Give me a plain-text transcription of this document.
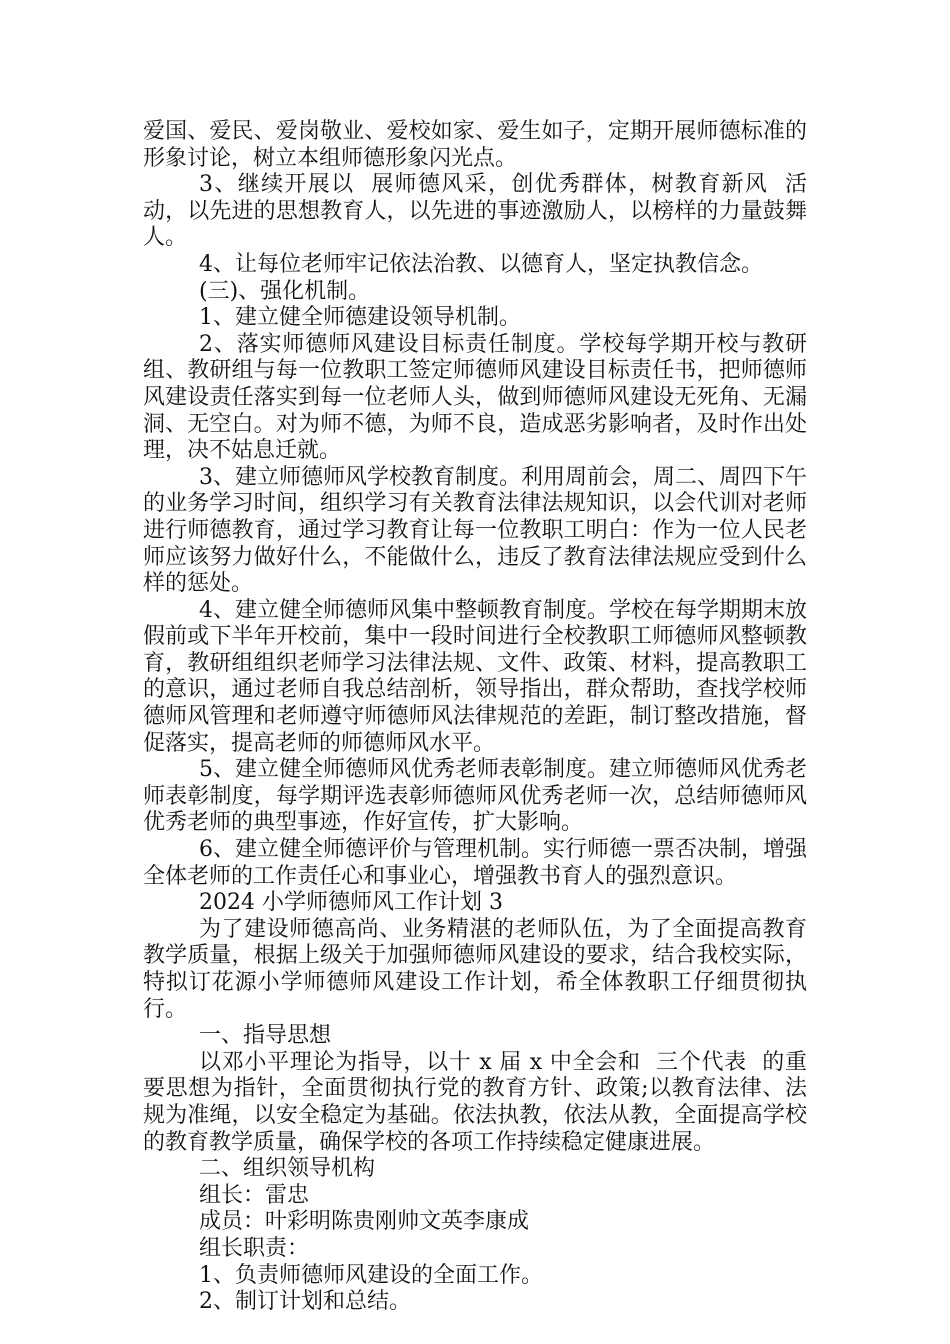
爱国、爱民、爱岗敬业、爱校如家、爱生如子，定期开展师德标准的形象讨论，树立本组师德形象闪光点。

3、继续开展以  展师德风采，创优秀群体，树教育新风  活动，以先进的思想教育人，以先进的事迹激励人，以榜样的力量鼓舞人。

4、让每位老师牢记依法治教、以德育人，坚定执教信念。

(三)、强化机制。

1、建立健全师德建设领导机制。

2、落实师德师风建设目标责任制度。学校每学期开校与教研组、教研组与每一位教职工签定师德师风建设目标责任书，把师德师风建设责任落实到每一位老师人头，做到师德师风建设无死角、无漏洞、无空白。对为师不德，为师不良，造成恶劣影响者，及时作出处理，决不姑息迁就。

3、建立师德师风学校教育制度。利用周前会，周二、周四下午的业务学习时间，组织学习有关教育法律法规知识，以会代训对老师进行师德教育，通过学习教育让每一位教职工明白：作为一位人民老师应该努力做好什么，不能做什么，违反了教育法律法规应受到什么样的惩处。

4、建立健全师德师风集中整顿教育制度。学校在每学期期末放假前或下半年开校前，集中一段时间进行全校教职工师德师风整顿教育，教研组组织老师学习法律法规、文件、政策、材料，提高教职工的意识，通过老师自我总结剖析，领导指出，群众帮助，查找学校师德师风管理和老师遵守师德师风法律规范的差距，制订整改措施，督促落实，提高老师的师德师风水平。

5、建立健全师德师风优秀老师表彰制度。建立师德师风优秀老师表彰制度，每学期评选表彰师德师风优秀老师一次，总结师德师风优秀老师的典型事迹，作好宣传，扩大影响。

6、建立健全师德评价与管理机制。实行师德一票否决制，增强全体老师的工作责任心和事业心，增强教书育人的强烈意识。

2024 小学师德师风工作计划 3

为了建设师德高尚、业务精湛的老师队伍，为了全面提高教育教学质量，根据上级关于加强师德师风建设的要求，结合我校实际，特拟订花源小学师德师风建设工作计划，希全体教职工仔细贯彻执行。

一、指导思想

以邓小平理论为指导，以十 x 届 x 中全会和  三个代表  的重要思想为指针，全面贯彻执行党的教育方针、政策;以教育法律、法规为准绳，以安全稳定为基础。依法执教，依法从教，全面提高学校的教育教学质量，确保学校的各项工作持续稳定健康进展。

二、组织领导机构

组长：雷忠

成员：叶彩明陈贵刚帅文英李康成

组长职责：

1、负责师德师风建设的全面工作。

2、制订计划和总结。
